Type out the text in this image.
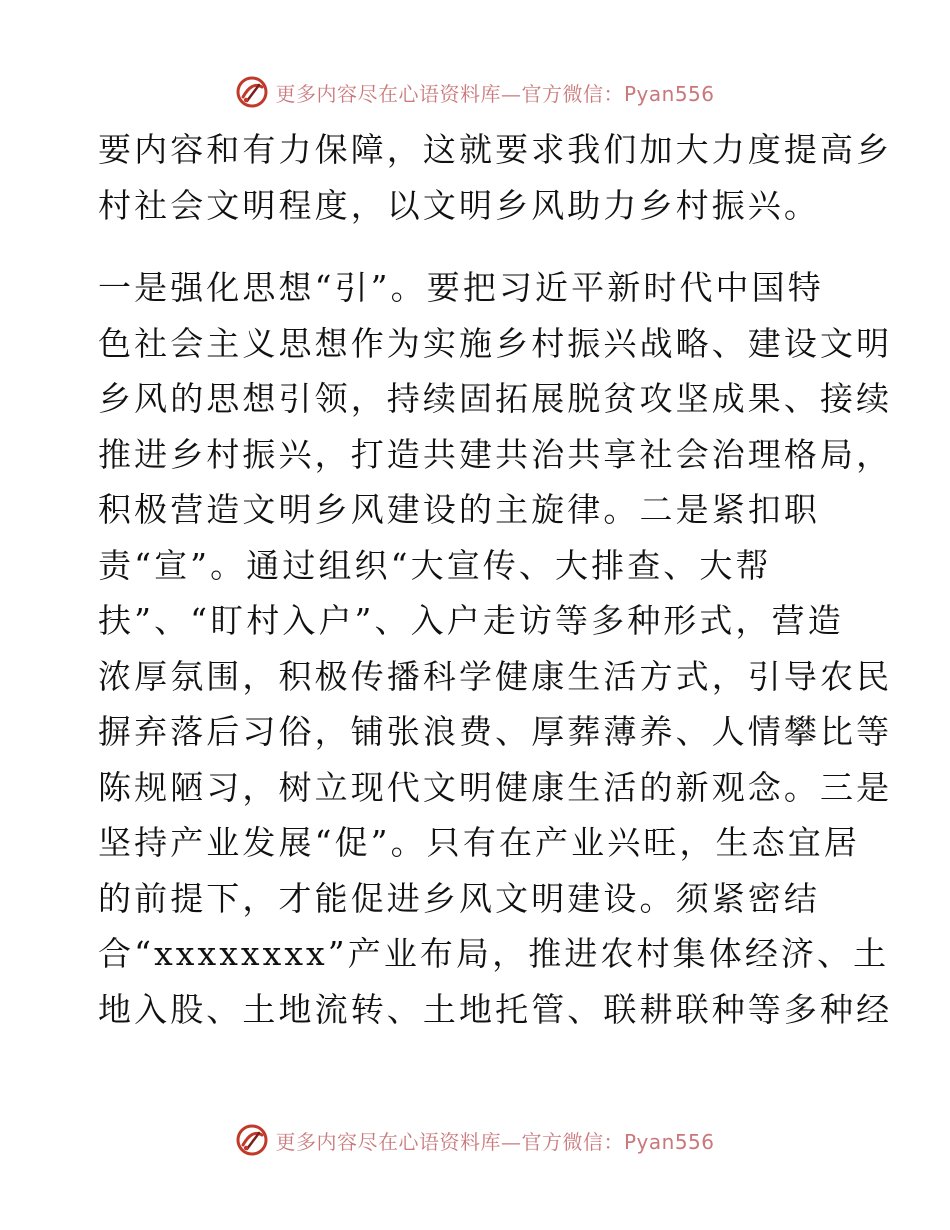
更多内容尽在心语资料库—官方微信：Pyan556
要内容和有力保障，这就要求我们加大力度提高乡
村社会文明程度，以文明乡风助力乡村振兴。
一是强化思想“引”。要把习近平新时代中国特
色社会主义思想作为实施乡村振兴战略、建设文明
乡风的思想引领，持续固拓展脱贫攻坚成果、接续
推进乡村振兴，打造共建共治共享社会治理格局，
积极营造文明乡风建设的主旋律。二是紧扣职
责“宣”。通过组织“大宣传、大排查、大帮
扶”、“盯村入户”、入户走访等多种形式，营造
浓厚氛围，积极传播科学健康生活方式，引导农民
摒弃落后习俗，铺张浪费、厚葬薄养、人情攀比等
陈规陋习，树立现代文明健康生活的新观念。三是
坚持产业发展“促”。只有在产业兴旺，生态宜居
的前提下，才能促进乡风文明建设。须紧密结
合“xxxxxxxx”产业布局，推进农村集体经济、土
地入股、土地流转、土地托管、联耕联种等多种经
更多内容尽在心语资料库—官方微信：Pyan556
